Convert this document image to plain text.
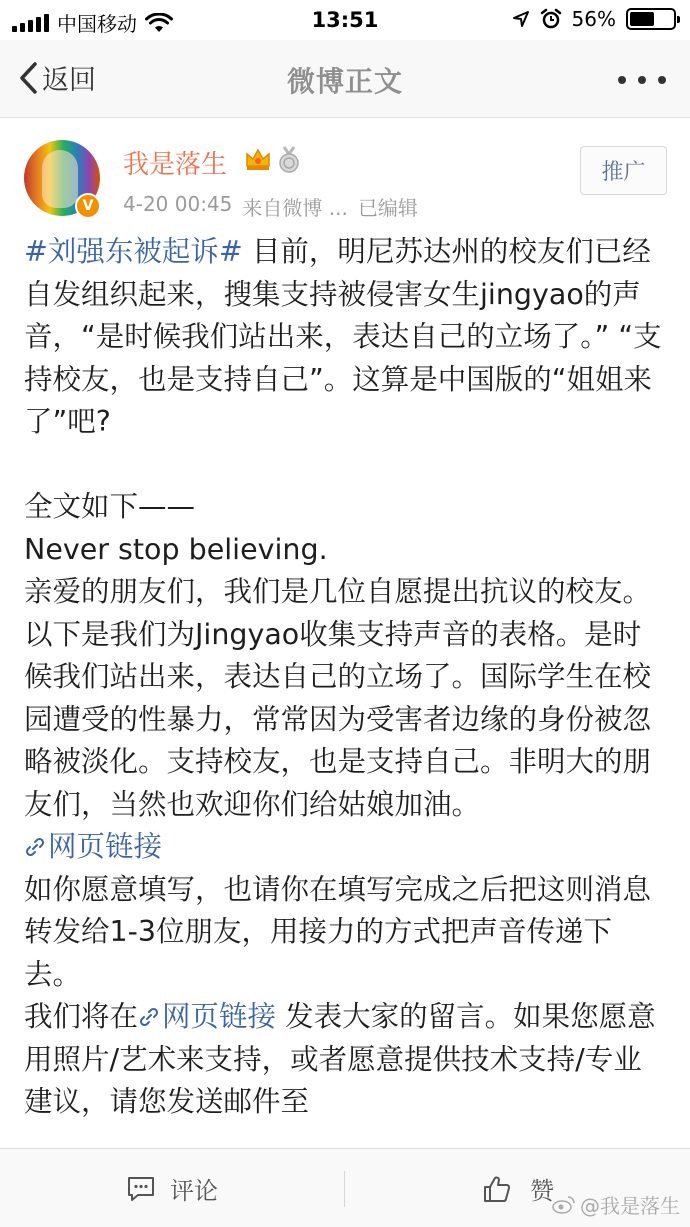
中国移动	13:51	56%
返回	微博正文
V
我是落生
4-20 00:45 来自微博 ... 已编辑
推广

#刘强东被起诉# 目前，明尼苏达州的校友们已经自发组织起来，搜集支持被侵害女生jingyao的声音，“是时候我们站出来，表达自己的立场了。” “支持校友，也是支持自己”。这算是中国版的“姐姐来了”吧?

全文如下——

Never stop believing.

亲爱的朋友们，我们是几位自愿提出抗议的校友。以下是我们为Jingyao收集支持声音的表格。是时候我们站出来，表达自己的立场了。国际学生在校园遭受的性暴力，常常因为受害者边缘的身份被忽略被淡化。支持校友，也是支持自己。非明大的朋友们，当然也欢迎你们给姑娘加油。

网页链接

如你愿意填写，也请你在填写完成之后把这则消息转发给1-3位朋友，用接力的方式把声音传递下去。

我们将在 网页链接 发表大家的留言。如果您愿意用照片/艺术来支持，或者愿意提供技术支持/专业建议，请您发送邮件至

评论	赞
@我是落生
